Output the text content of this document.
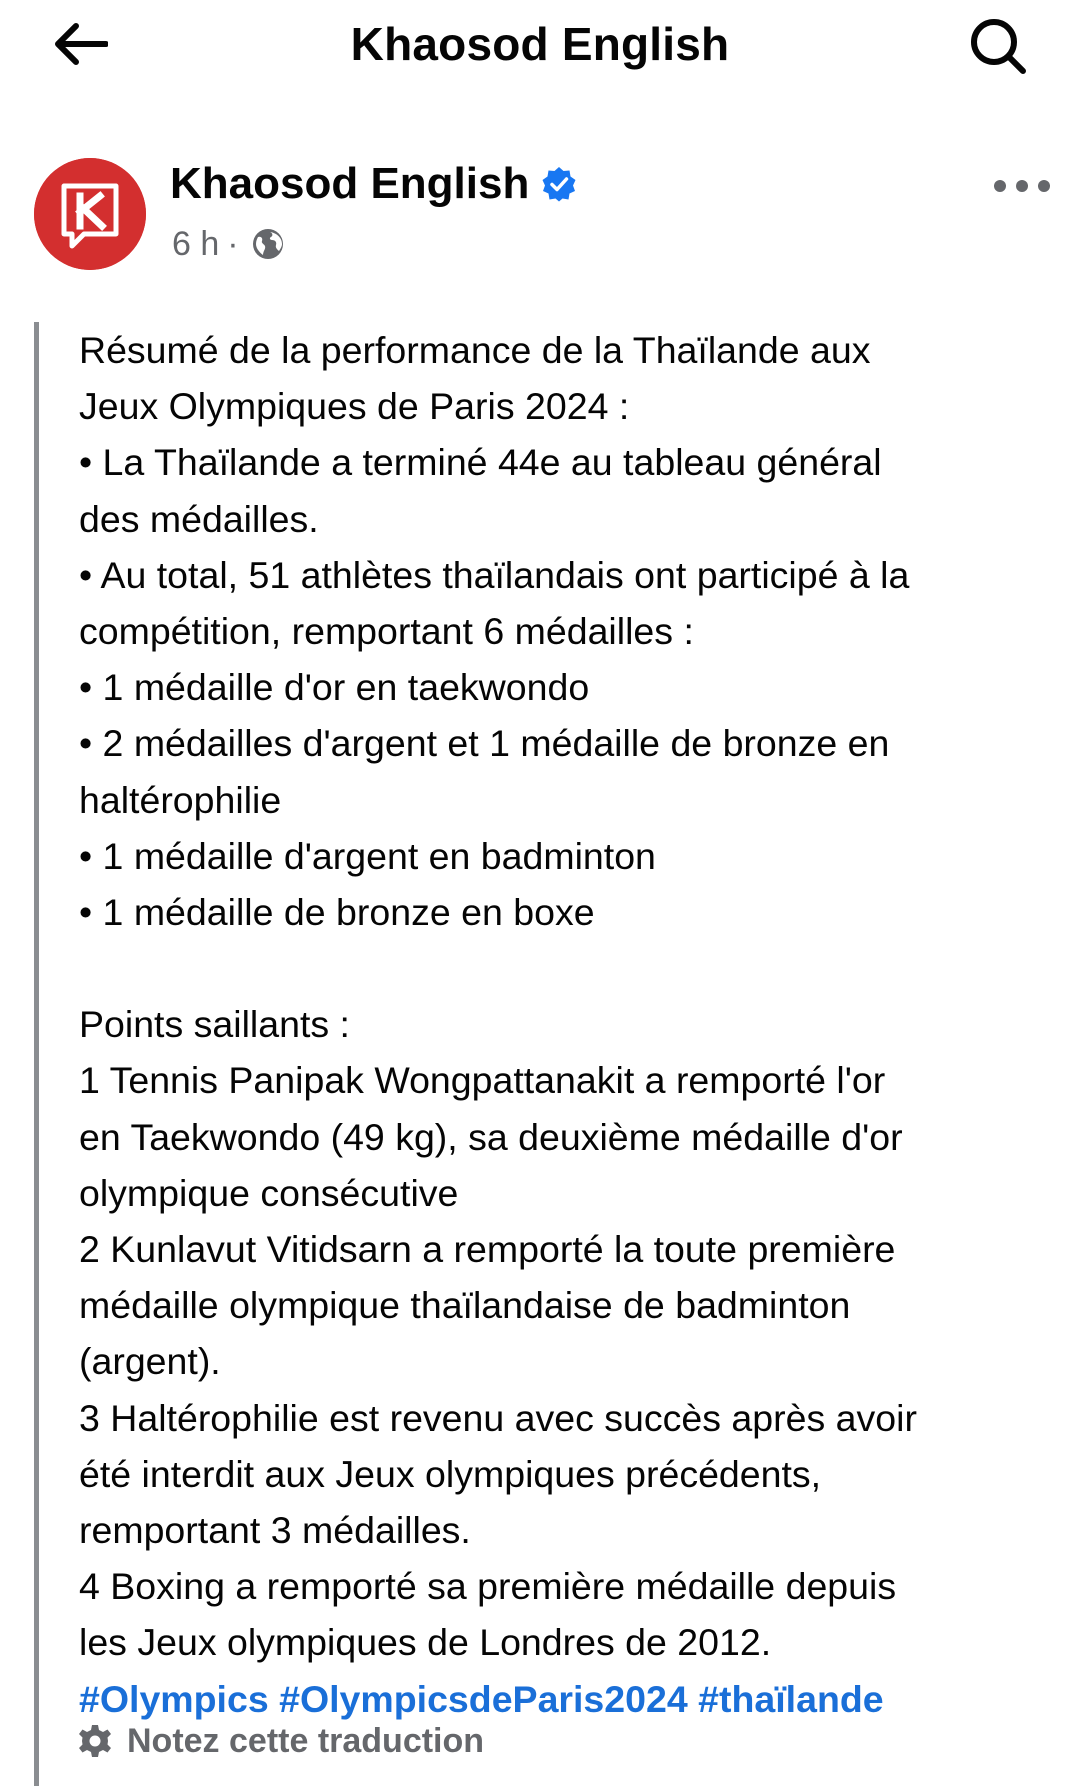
Khaosod English
Khaosod English
6 h ·
Résumé de la performance de la Thaïlande aux
Jeux Olympiques de Paris 2024 :
• La Thaïlande a terminé 44e au tableau général
des médailles.
• Au total, 51 athlètes thaïlandais ont participé à la
compétition, remportant 6 médailles :
• 1 médaille d'or en taekwondo
• 2 médailles d'argent et 1 médaille de bronze en
haltérophilie
• 1 médaille d'argent en badminton
• 1 médaille de bronze en boxe
Points saillants :
1 Tennis Panipak Wongpattanakit a remporté l'or
en Taekwondo (49 kg), sa deuxième médaille d'or
olympique consécutive
2 Kunlavut Vitidsarn a remporté la toute première
médaille olympique thaïlandaise de badminton
(argent).
3 Haltérophilie est revenu avec succès après avoir
été interdit aux Jeux olympiques précédents,
remportant 3 médailles.
4 Boxing a remporté sa première médaille depuis
les Jeux olympiques de Londres de 2012.
#Olympics #OlympicsdeParis2024 #thaïlande
Notez cette traduction
